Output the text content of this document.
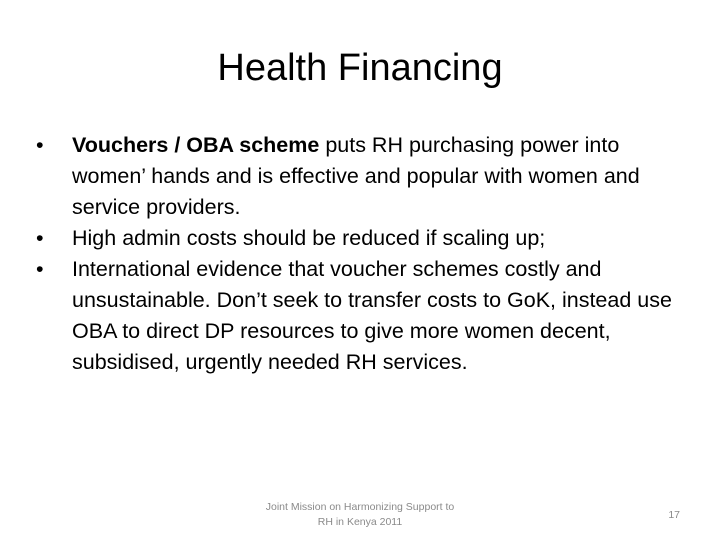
Health Financing
•	Vouchers / OBA scheme puts RH purchasing power into women’ hands and is effective and popular with women and service providers.
•	High admin costs should be reduced if scaling up;
•	International evidence that voucher schemes costly and unsustainable. Don’t seek to transfer costs to GoK, instead use OBA to direct DP resources to give more women decent, subsidised, urgently needed RH services.
Joint Mission on Harmonizing Support to
RH in Kenya 2011
17
